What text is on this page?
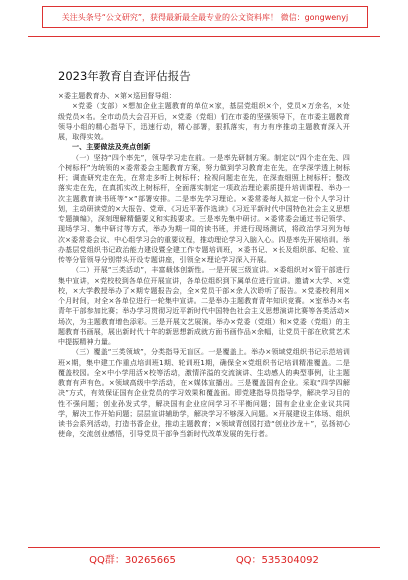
关注头条号“公文研究”，获得最新最全最专业的公文资料库！ 微信：gongwenyj
2023年教育自查评估报告

×委主题教育办、×第×巡回督导组：

×党委（支部）×想加企业主题教育的单位×家，基层党组织×个，党员×万余名，×处级党员×名。全市动员大会召开后，×党委（党组）们在市委的坚强领导下，在市委主题教育领导小组的精心指导下，迅速行动，精心部署，狠抓落实，有力有序推动主题教育深入开展，取得实效。

一、主要做法及亮点创新

（一）坚持“四个率先”，领导学习走在前。一是率先研制方案。制定以“四个走在先、四个树标杆”为统领的×委常委会主题教育方案，努力做到学习教育走在先，在学深学透上树标杆；调查研究走在先，在常走多听上树标杆；检视问题走在先，在深查细照上树标杆；整改落实走在先，在真抓实改上树标杆，全面落实制定一项政治理论素质提升培训课程、举办一次主题教育读书班等“×”部署安排。二是率先学习理论。×委常委每人拟定一份个人学习计划，主动研读党的×大报告、党章、《习近平著作选读》《习近平新时代中国特色社会主义思想专题摘编》，深刻理解精髓要义和实践要求。三是率先集中研讨。×委常委会通过书记领学、现场学习、集中研讨等方式，举办为期一周的读书班，并进行现场测试，将政治学习列为每次×委常委会议、中心组学习会的重要议程，推动理论学习入脑入心。四是率先开展培训。举办基层党组织书记政治能力建设暨全建工作专题培训班，×委书记、×长及组织部、纪检、宣传等分管领导分别带头开设专题讲座，引领全×理论学习深入开展。

（二）开展“三类活动”，丰富载体创新性。一是开展三级宣讲。×委组织对×管干部进行集中宣讲，×党校校到各单位开展宣讲，各单位组织到下属单位进行宣讲。邀请×大学、×党校，×大学教授举办了×期专题报告会，全×党员干部×余人次聆听了报告。×党委校利用×个月时间，对全×各单位进行一轮集中宣讲。二是举办主题教育青年知识竞赛。×室举办×名青年干部参加比赛；举办学习贯彻习近平新时代中国特色社会主义思想演讲比赛等各类活动×场次，为主题教育增色添彩。三是开展文艺展演。举办×党委（党组）和×党委（党组）的主题教育书画展，展出新时代十年的新思想新成就方面书画作品×余幅，让党员干部在欣赏艺术中提振精神力量。

（三）覆盖“三类领域”，分类指导无盲区。一是覆盖上。举办×领域党组织书记示范培训班×期，集中建工作重点培训班1期、轮训班1期，确保全×党组织书记培训精准覆盖。二是覆盖校园。全×中小学用活×校等活动，激情洋溢的交流演讲、生动感人的典型事例，让主题教育有声有色。×领域高级中学活动，在×媒体宣播出。三是覆盖国有企业。采取“四学四解决”方式，有效保证国有企业党员的学习效果和覆盖面。即党建指导员指导学，解决学习目的性不强问题；创业孙发式学，解决国有企业应问学习不平衡问题；国有企业业企业议共同学，解决工作开始问题；层层宣讲辅助学，解决学习不够深入问题。×开展建设主体场、组织读书会系列活动，打造书香企业，推动主题教育；×领域青创园打造“创业沙龙＋”，弘扬初心使命，交流创业感悟，引导党员干部争当新时代改革发展的先行者。

QQ群：30265665	QQ：535304092
